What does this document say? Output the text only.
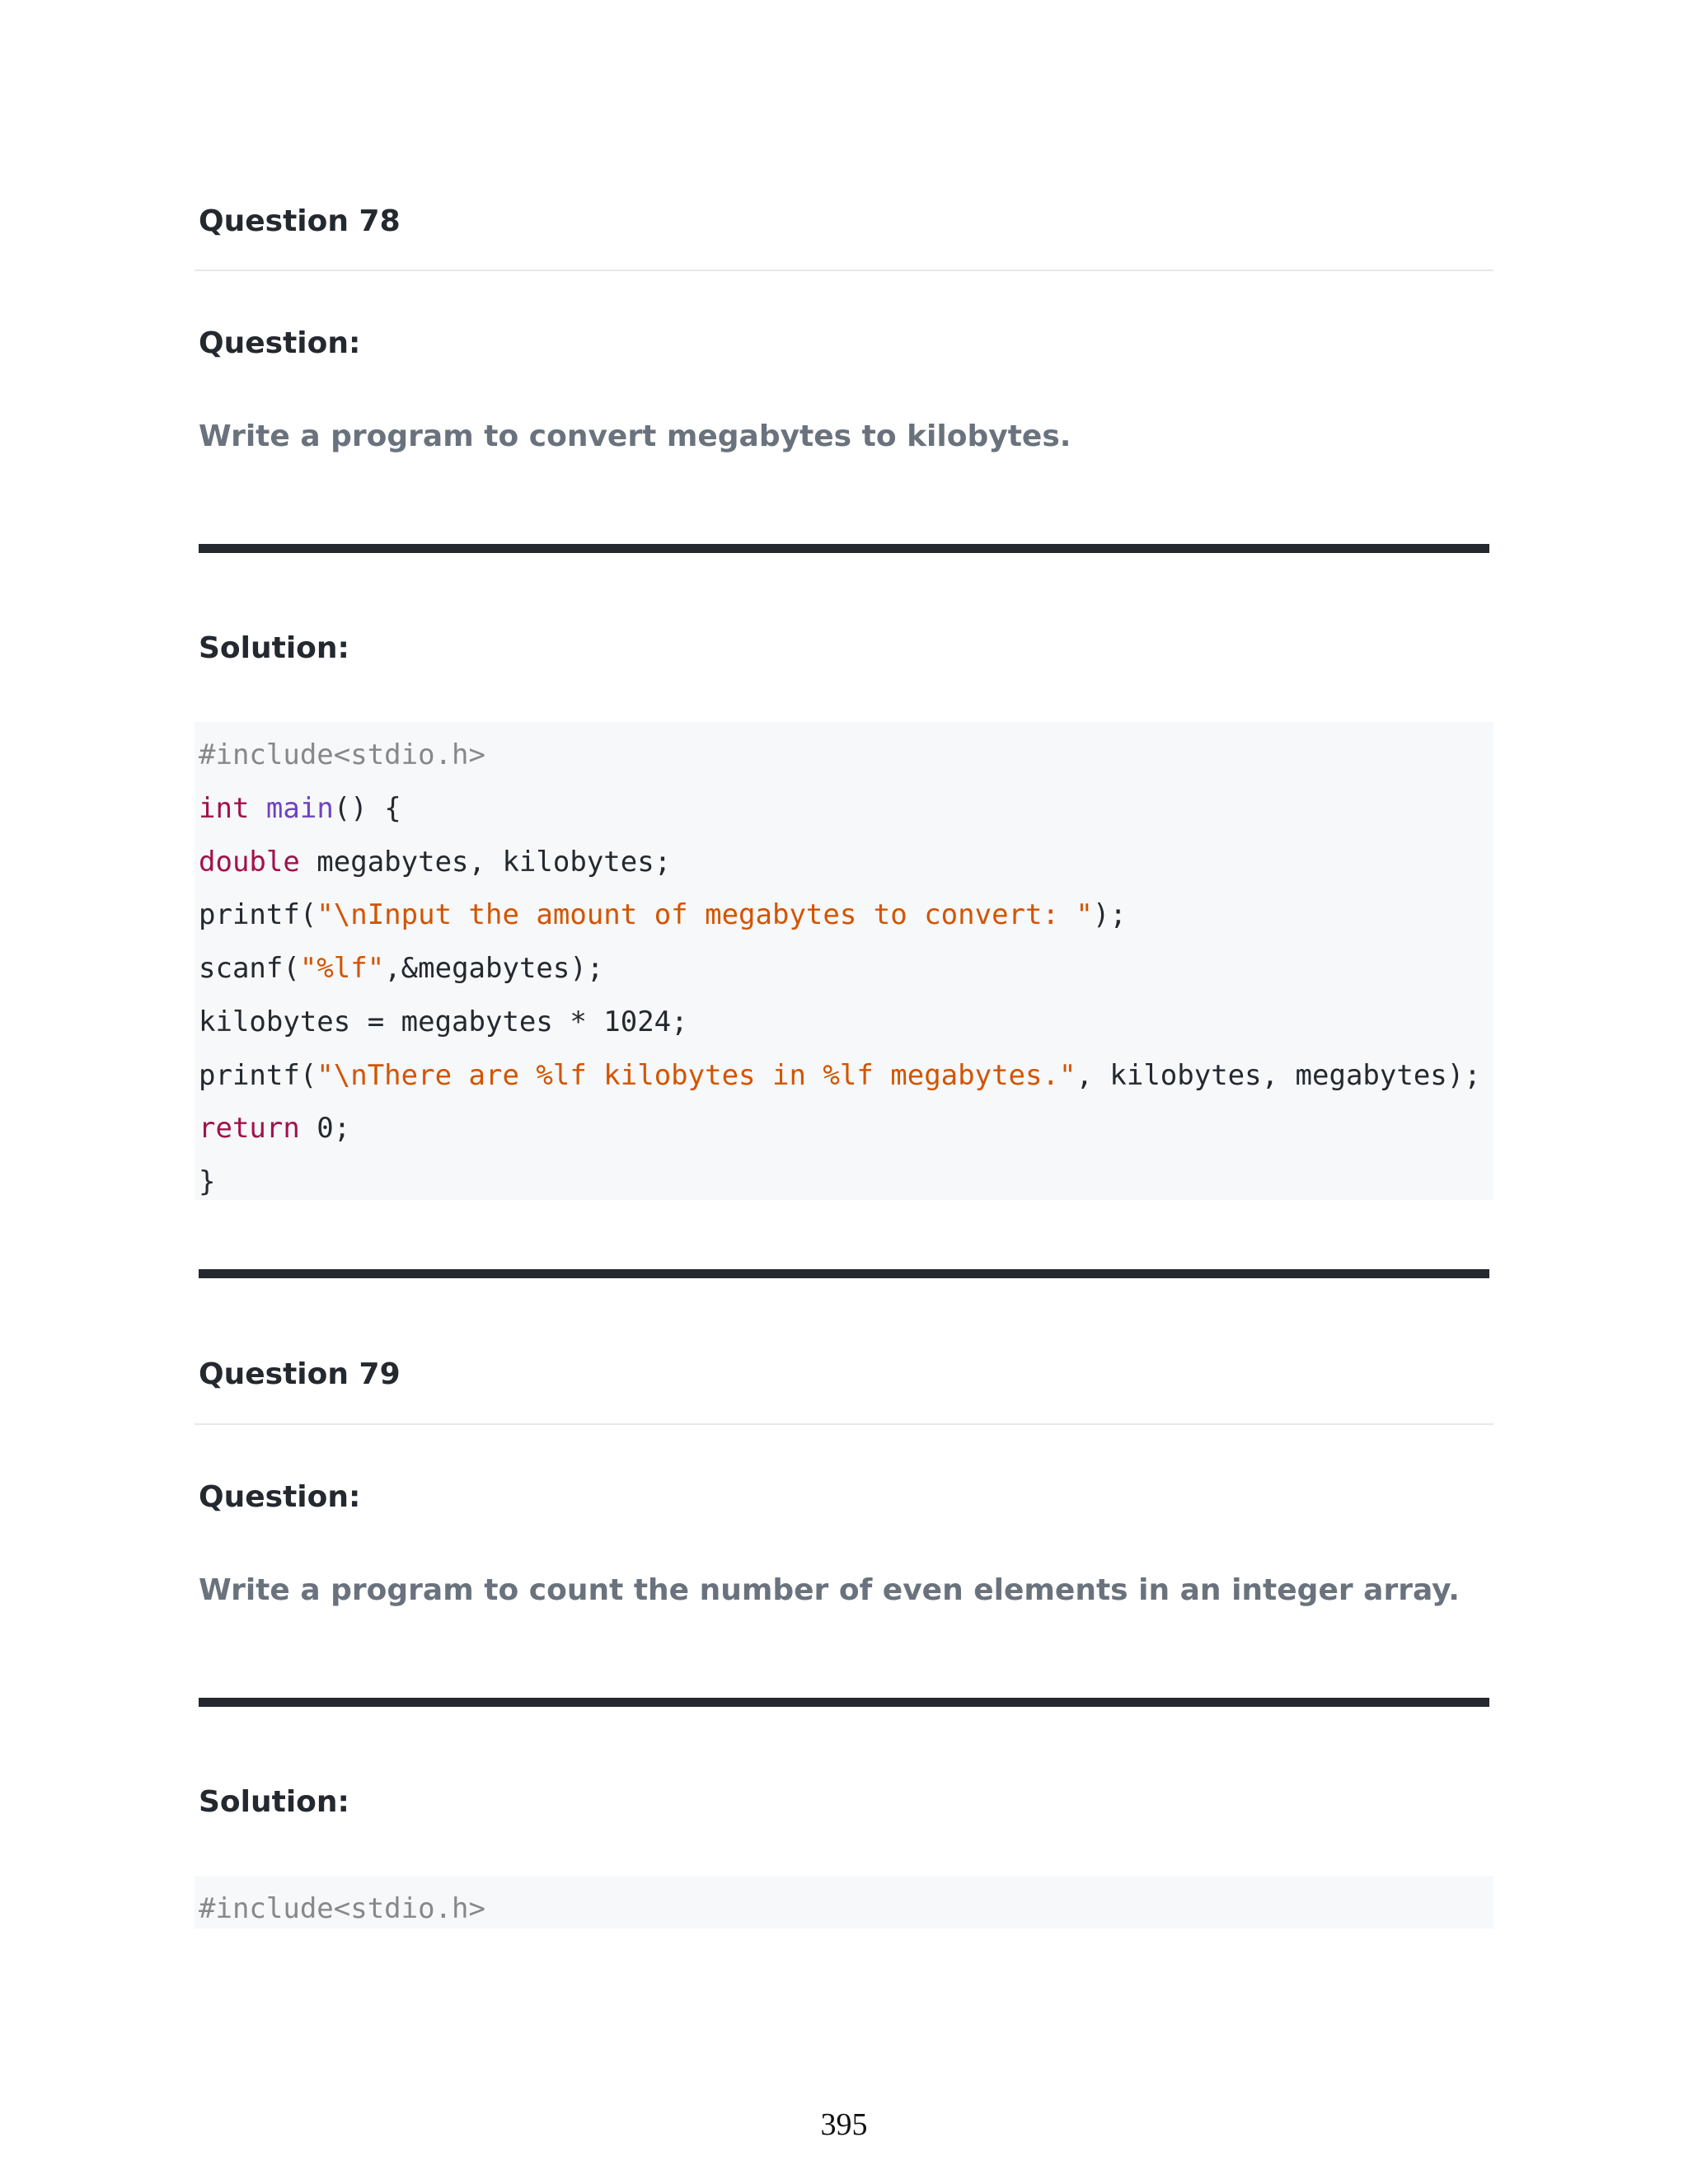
Question 78
Question:
Write a program to convert megabytes to kilobytes.
Solution:
#include<stdio.h>
int main() {
double megabytes, kilobytes;
printf("\nInput the amount of megabytes to convert: ");
scanf("%lf",&megabytes);
kilobytes = megabytes * 1024;
printf("\nThere are %lf kilobytes in %lf megabytes.", kilobytes, megabytes);
return 0;
}
Question 79
Question:
Write a program to count the number of even elements in an integer array.
Solution:
#include<stdio.h>
395
